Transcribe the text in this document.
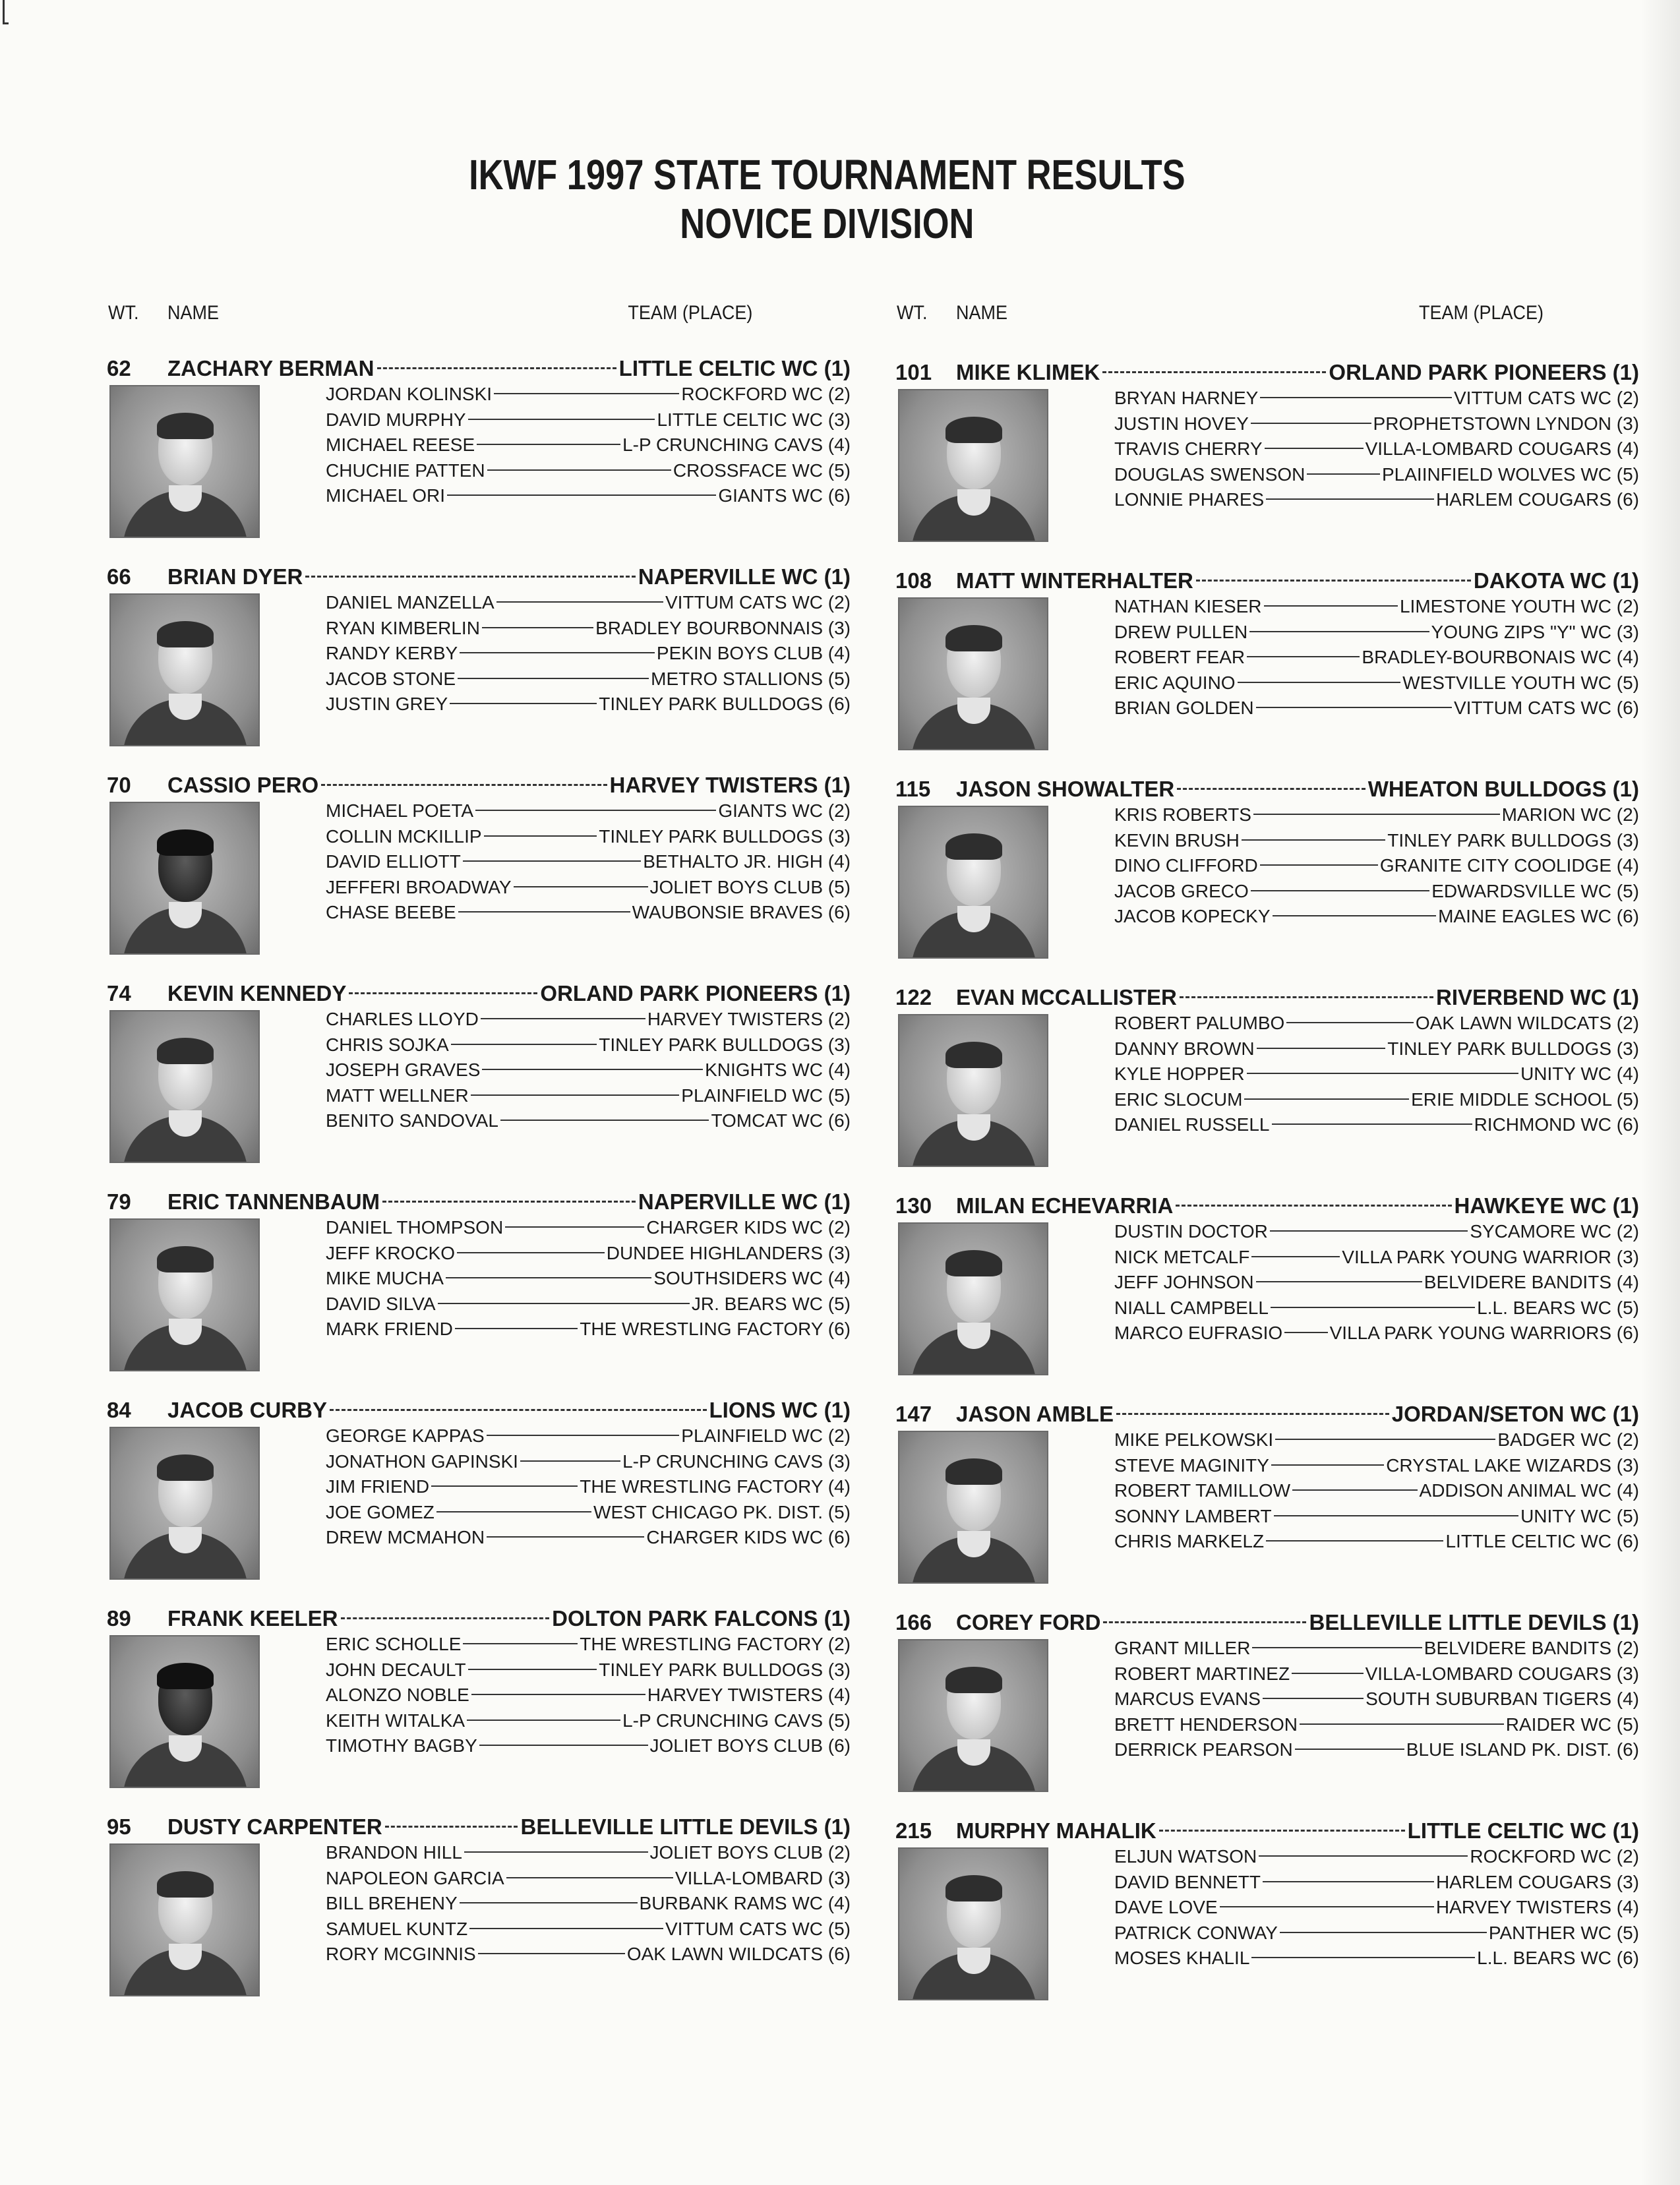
IKWF 1997 STATE TOURNAMENT RESULTS
NOVICE DIVISION
WT. NAME	TEAM (PLACE)	WT. NAME	TEAM (PLACE)
62 ZACHARY BERMAN	LITTLE CELTIC WC (1)
JORDAN KOLINSKI	ROCKFORD WC (2)
DAVID MURPHY	LITTLE CELTIC WC (3)
MICHAEL REESE	L-P CRUNCHING CAVS (4)
CHUCHIE PATTEN	CROSSFACE WC (5)
MICHAEL ORI	GIANTS WC (6)
66 BRIAN DYER	NAPERVILLE WC (1)
DANIEL MANZELLA	VITTUM CATS WC (2)
RYAN KIMBERLIN	BRADLEY BOURBONNAIS (3)
RANDY KERBY	PEKIN BOYS CLUB (4)
JACOB STONE	METRO STALLIONS (5)
JUSTIN GREY	TINLEY PARK BULLDOGS (6)
70 CASSIO PERO	HARVEY TWISTERS (1)
MICHAEL POETA	GIANTS WC (2)
COLLIN MCKILLIP	TINLEY PARK BULLDOGS (3)
DAVID ELLIOTT	BETHALTO JR. HIGH (4)
JEFFERI BROADWAY	JOLIET BOYS CLUB (5)
CHASE BEEBE	WAUBONSIE BRAVES (6)
74 KEVIN KENNEDY	ORLAND PARK PIONEERS (1)
CHARLES LLOYD	HARVEY TWISTERS (2)
CHRIS SOJKA	TINLEY PARK BULLDOGS (3)
JOSEPH GRAVES	KNIGHTS WC (4)
MATT WELLNER	PLAINFIELD WC (5)
BENITO SANDOVAL	TOMCAT WC (6)
79 ERIC TANNENBAUM	NAPERVILLE WC (1)
DANIEL THOMPSON	CHARGER KIDS WC (2)
JEFF KROCKO	DUNDEE HIGHLANDERS (3)
MIKE MUCHA	SOUTHSIDERS WC (4)
DAVID SILVA	JR. BEARS WC (5)
MARK FRIEND	THE WRESTLING FACTORY (6)
84 JACOB CURBY	LIONS WC (1)
GEORGE KAPPAS	PLAINFIELD WC (2)
JONATHON GAPINSKI	L-P CRUNCHING CAVS (3)
JIM FRIEND	THE WRESTLING FACTORY (4)
JOE GOMEZ	WEST CHICAGO PK. DIST. (5)
DREW MCMAHON	CHARGER KIDS WC (6)
89 FRANK KEELER	DOLTON PARK FALCONS (1)
ERIC SCHOLLE	THE WRESTLING FACTORY (2)
JOHN DECAULT	TINLEY PARK BULLDOGS (3)
ALONZO NOBLE	HARVEY TWISTERS (4)
KEITH WITALKA	L-P CRUNCHING CAVS (5)
TIMOTHY BAGBY	JOLIET BOYS CLUB (6)
95 DUSTY CARPENTER	BELLEVILLE LITTLE DEVILS (1)
BRANDON HILL	JOLIET BOYS CLUB (2)
NAPOLEON GARCIA	VILLA-LOMBARD (3)
BILL BREHENY	BURBANK RAMS WC (4)
SAMUEL KUNTZ	VITTUM CATS WC (5)
RORY MCGINNIS	OAK LAWN WILDCATS (6)
101 MIKE KLIMEK	ORLAND PARK PIONEERS (1)
BRYAN HARNEY	VITTUM CATS WC (2)
JUSTIN HOVEY	PROPHETSTOWN LYNDON (3)
TRAVIS CHERRY	VILLA-LOMBARD COUGARS (4)
DOUGLAS SWENSON	PLAIINFIELD WOLVES WC (5)
LONNIE PHARES	HARLEM COUGARS (6)
108 MATT WINTERHALTER	DAKOTA WC (1)
NATHAN KIESER	LIMESTONE YOUTH WC (2)
DREW PULLEN	YOUNG ZIPS "Y" WC (3)
ROBERT FEAR	BRADLEY-BOURBONAIS WC (4)
ERIC AQUINO	WESTVILLE YOUTH WC (5)
BRIAN GOLDEN	VITTUM CATS WC (6)
115 JASON SHOWALTER	WHEATON BULLDOGS (1)
KRIS ROBERTS	MARION WC (2)
KEVIN BRUSH	TINLEY PARK BULLDOGS (3)
DINO CLIFFORD	GRANITE CITY COOLIDGE (4)
JACOB GRECO	EDWARDSVILLE WC (5)
JACOB KOPECKY	MAINE EAGLES WC (6)
122 EVAN MCCALLISTER	RIVERBEND WC (1)
ROBERT PALUMBO	OAK LAWN WILDCATS (2)
DANNY BROWN	TINLEY PARK BULLDOGS (3)
KYLE HOPPER	UNITY WC (4)
ERIC SLOCUM	ERIE MIDDLE SCHOOL (5)
DANIEL RUSSELL	RICHMOND WC (6)
130 MILAN ECHEVARRIA	HAWKEYE WC (1)
DUSTIN DOCTOR	SYCAMORE WC (2)
NICK METCALF	VILLA PARK YOUNG WARRIOR (3)
JEFF JOHNSON	BELVIDERE BANDITS (4)
NIALL CAMPBELL	L.L. BEARS WC (5)
MARCO EUFRASIO	VILLA PARK YOUNG WARRIORS (6)
147 JASON AMBLE	JORDAN/SETON WC (1)
MIKE PELKOWSKI	BADGER WC (2)
STEVE MAGINITY	CRYSTAL LAKE WIZARDS (3)
ROBERT TAMILLOW	ADDISON ANIMAL WC (4)
SONNY LAMBERT	UNITY WC (5)
CHRIS MARKELZ	LITTLE CELTIC WC (6)
166 COREY FORD	BELLEVILLE LITTLE DEVILS (1)
GRANT MILLER	BELVIDERE BANDITS (2)
ROBERT MARTINEZ	VILLA-LOMBARD COUGARS (3)
MARCUS EVANS	SOUTH SUBURBAN TIGERS (4)
BRETT HENDERSON	RAIDER WC (5)
DERRICK PEARSON	BLUE ISLAND PK. DIST. (6)
215 MURPHY MAHALIK	LITTLE CELTIC WC (1)
ELJUN WATSON	ROCKFORD WC (2)
DAVID BENNETT	HARLEM COUGARS (3)
DAVE LOVE	HARVEY TWISTERS (4)
PATRICK CONWAY	PANTHER WC (5)
MOSES KHALIL	L.L. BEARS WC (6)
